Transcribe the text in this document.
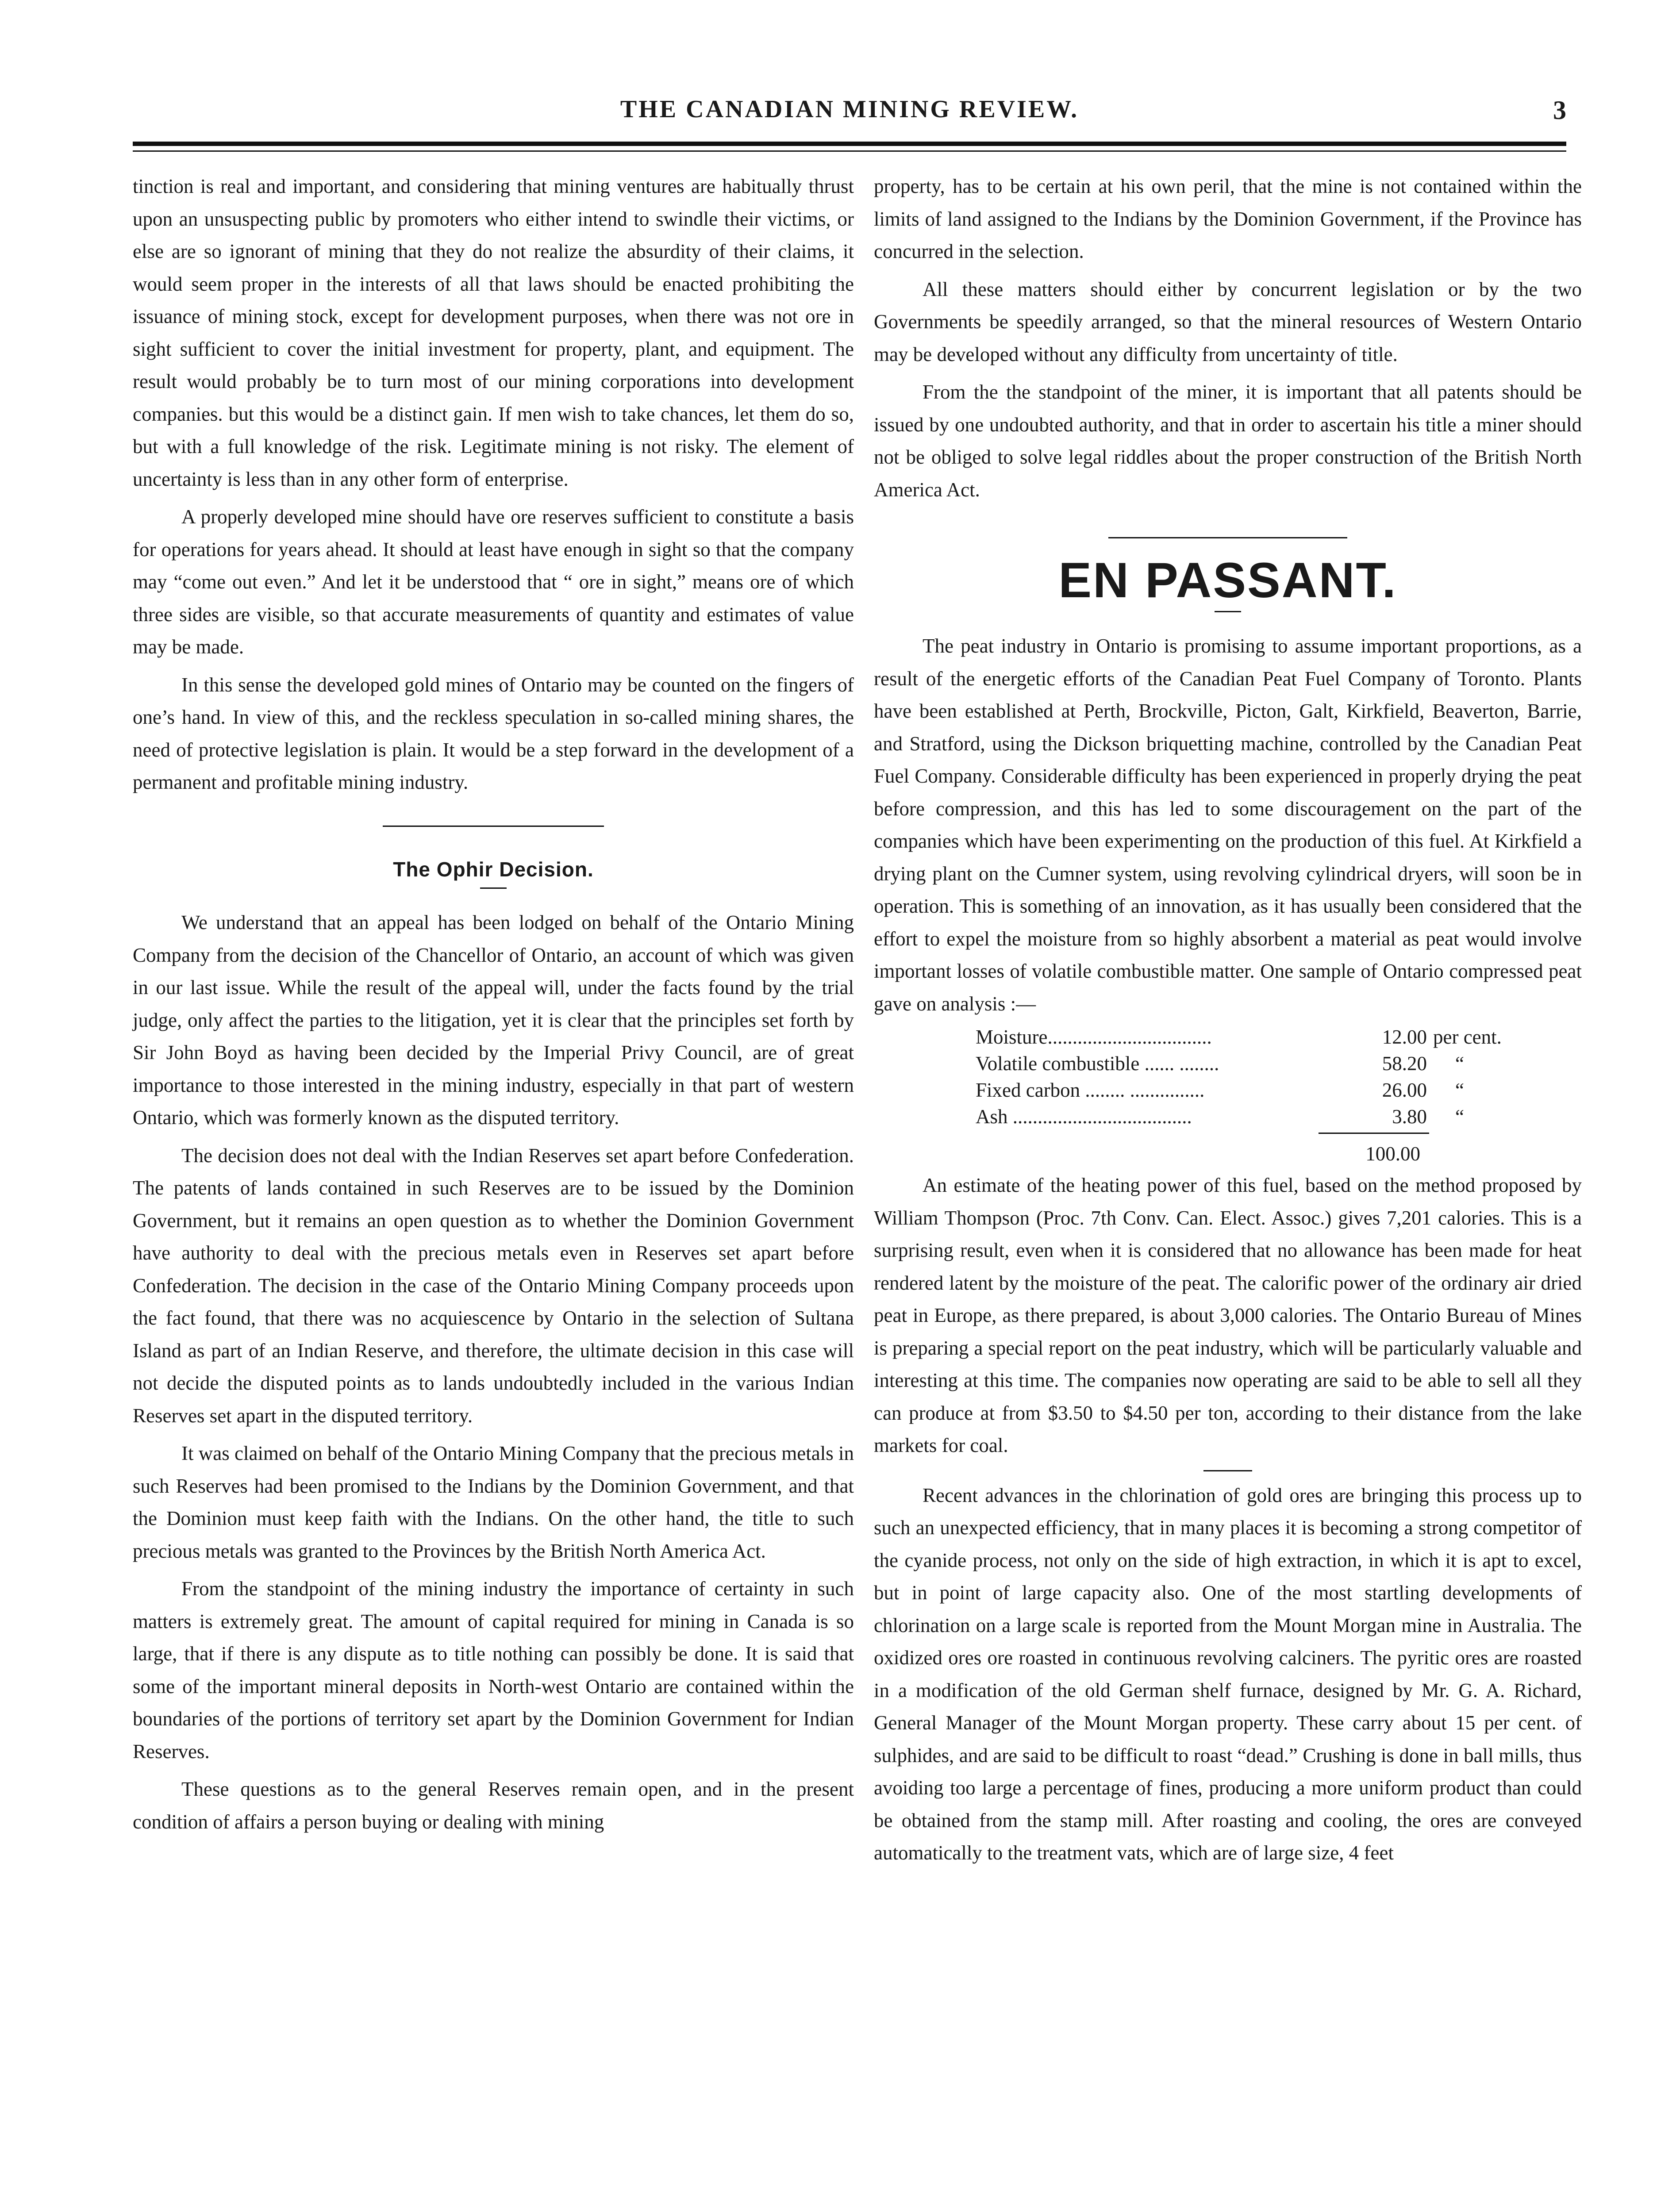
THE CANADIAN MINING REVIEW.	3

tinction is real and important, and considering that mining ventures are habitually thrust upon an unsuspecting public by promoters who either intend to swindle their victims, or else are so ignorant of mining that they do not realize the absurdity of their claims, it would seem proper in the interests of all that laws should be enacted prohibiting the issuance of mining stock, except for development purposes, when there was not ore in sight sufficient to cover the initial investment for property, plant, and equipment. The result would probably be to turn most of our mining corporations into development companies. but this would be a distinct gain. If men wish to take chances, let them do so, but with a full knowledge of the risk. Legitimate mining is not risky. The element of uncertainty is less than in any other form of enterprise.

A properly developed mine should have ore reserves sufficient to constitute a basis for operations for years ahead. It should at least have enough in sight so that the company may “come out even.” And let it be understood that “ ore in sight,” means ore of which three sides are visible, so that accurate measurements of quantity and estimates of value may be made.

In this sense the developed gold mines of Ontario may be counted on the fingers of one’s hand. In view of this, and the reckless speculation in so-called mining shares, the need of protective legislation is plain. It would be a step forward in the development of a permanent and profitable mining industry.

The Ophir Decision.

We understand that an appeal has been lodged on behalf of the Ontario Mining Company from the decision of the Chancellor of Ontario, an account of which was given in our last issue. While the result of the appeal will, under the facts found by the trial judge, only affect the parties to the litigation, yet it is clear that the principles set forth by Sir John Boyd as having been decided by the Imperial Privy Council, are of great importance to those interested in the mining industry, especially in that part of western Ontario, which was formerly known as the disputed territory.

The decision does not deal with the Indian Reserves set apart before Confederation. The patents of lands contained in such Reserves are to be issued by the Dominion Government, but it remains an open question as to whether the Dominion Government have authority to deal with the precious metals even in Reserves set apart before Confederation. The decision in the case of the Ontario Mining Company proceeds upon the fact found, that there was no acquiescence by Ontario in the selection of Sultana Island as part of an Indian Reserve, and therefore, the ultimate decision in this case will not decide the disputed points as to lands undoubtedly included in the various Indian Reserves set apart in the disputed territory.

It was claimed on behalf of the Ontario Mining Company that the precious metals in such Reserves had been promised to the Indians by the Dominion Government, and that the Dominion must keep faith with the Indians. On the other hand, the title to such precious metals was granted to the Provinces by the British North America Act.

From the standpoint of the mining industry the importance of certainty in such matters is extremely great. The amount of capital required for mining in Canada is so large, that if there is any dispute as to title nothing can possibly be done. It is said that some of the important mineral deposits in North-west Ontario are contained within the boundaries of the portions of territory set apart by the Dominion Government for Indian Reserves.

These questions as to the general Reserves remain open, and in the present condition of affairs a person buying or dealing with mining

property, has to be certain at his own peril, that the mine is not contained within the limits of land assigned to the Indians by the Dominion Government, if the Province has concurred in the selection.

All these matters should either by concurrent legislation or by the two Governments be speedily arranged, so that the mineral resources of Western Ontario may be developed without any difficulty from uncertainty of title.

From the the standpoint of the miner, it is important that all patents should be issued by one undoubted authority, and that in order to ascertain his title a miner should not be obliged to solve legal riddles about the proper construction of the British North America Act.

EN PASSANT.

The peat industry in Ontario is promising to assume important proportions, as a result of the energetic efforts of the Canadian Peat Fuel Company of Toronto. Plants have been established at Perth, Brockville, Picton, Galt, Kirkfield, Beaverton, Barrie, and Stratford, using the Dickson briquetting machine, controlled by the Canadian Peat Fuel Company. Considerable difficulty has been experienced in properly drying the peat before compression, and this has led to some discouragement on the part of the companies which have been experimenting on the production of this fuel. At Kirkfield a drying plant on the Cumner system, using revolving cylindrical dryers, will soon be in operation. This is something of an innovation, as it has usually been considered that the effort to expel the moisture from so highly absorbent a material as peat would involve important losses of volatile combustible matter. One sample of Ontario compressed peat gave on analysis :—

Moisture.................................	12.00	per cent.
Volatile combustible ...... ........	58.20	“
Fixed carbon ........ ...............	26.00	“
Ash ....................................	3.80	“
100.00

An estimate of the heating power of this fuel, based on the method proposed by William Thompson (Proc. 7th Conv. Can. Elect. Assoc.) gives 7,201 calories. This is a surprising result, even when it is considered that no allowance has been made for heat rendered latent by the moisture of the peat. The calorific power of the ordinary air dried peat in Europe, as there prepared, is about 3,000 calories. The Ontario Bureau of Mines is preparing a special report on the peat industry, which will be particularly valuable and interesting at this time. The companies now operating are said to be able to sell all they can produce at from $3.50 to $4.50 per ton, according to their distance from the lake markets for coal.

Recent advances in the chlorination of gold ores are bringing this process up to such an unexpected efficiency, that in many places it is becoming a strong competitor of the cyanide process, not only on the side of high extraction, in which it is apt to excel, but in point of large capacity also. One of the most startling developments of chlorination on a large scale is reported from the Mount Morgan mine in Australia. The oxidized ores ore roasted in continuous revolving calciners. The pyritic ores are roasted in a modification of the old German shelf furnace, designed by Mr. G. A. Richard, General Manager of the Mount Morgan property. These carry about 15 per cent. of sulphides, and are said to be difficult to roast “dead.” Crushing is done in ball mills, thus avoiding too large a percentage of fines, producing a more uniform product than could be obtained from the stamp mill. After roasting and cooling, the ores are conveyed automatically to the treatment vats, which are of large size, 4 feet
